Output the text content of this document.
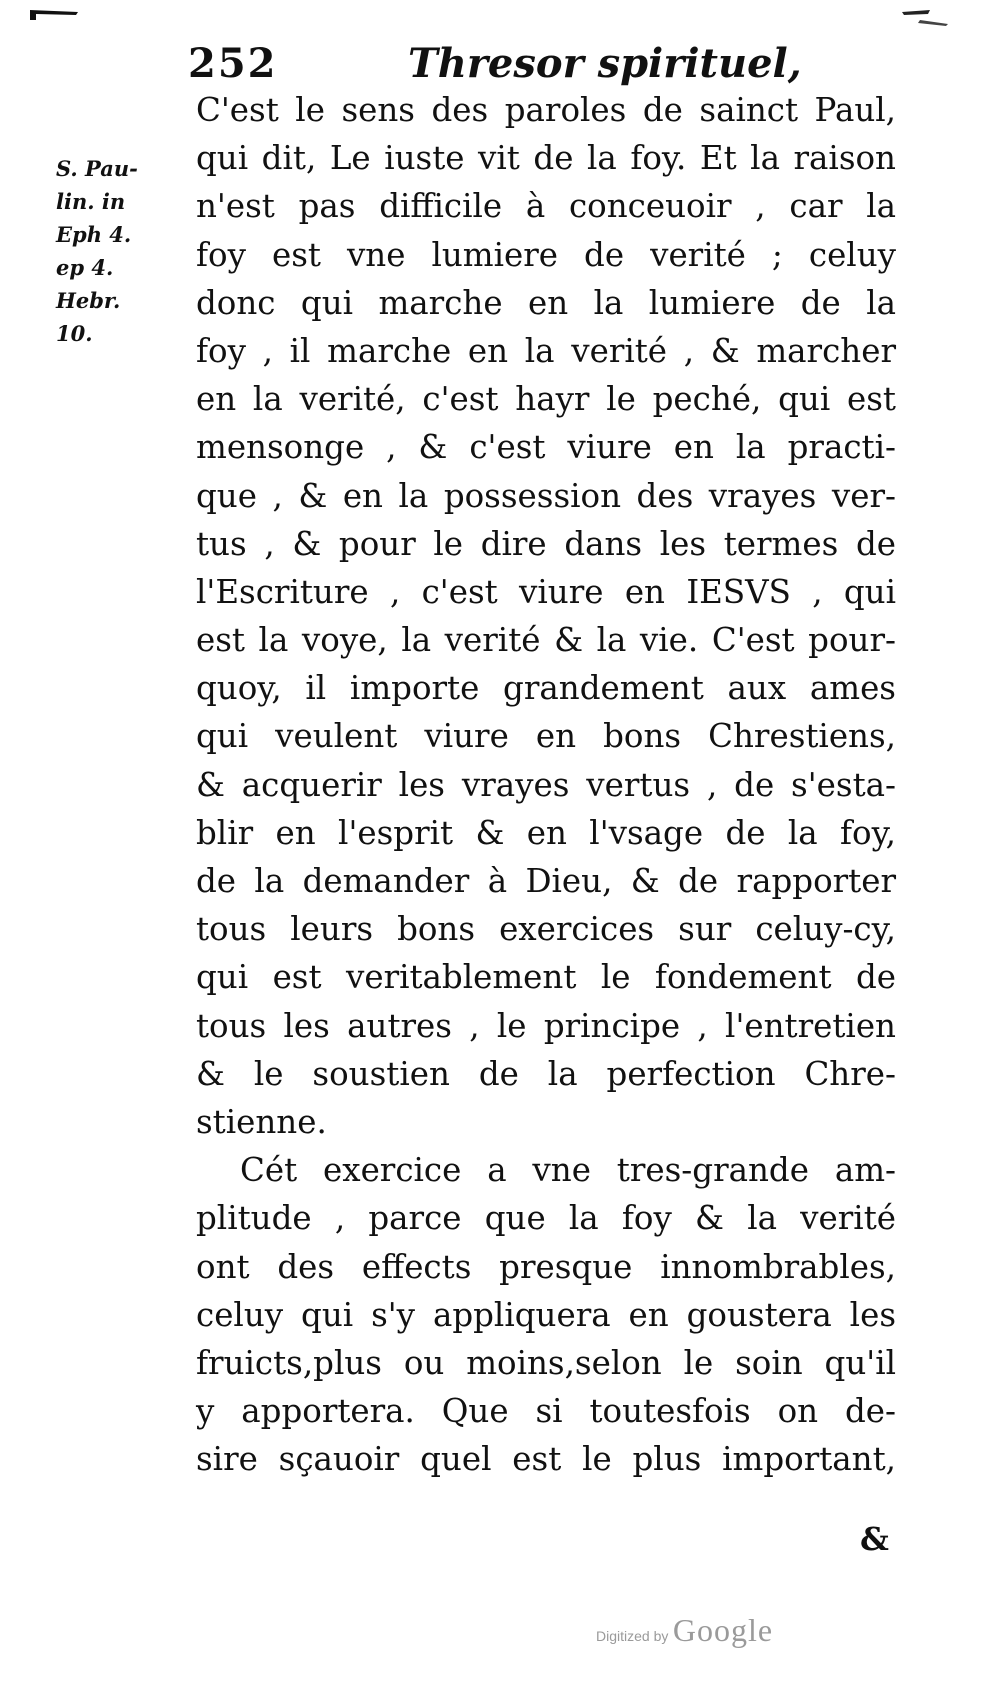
252	Thresor spirituel,
S. Pau-
lin. in
Eph 4.
ep 4.
Hebr.
10.
C'est le sens des paroles de sainct Paul,
qui dit, Le iuste vit de la foy. Et la raison
n'est pas difficile à conceuoir , car la
foy est vne lumiere de verité ; celuy
donc qui marche en la lumiere de la
foy , il marche en la verité , & marcher
en la verité, c'est hayr le peché, qui est
mensonge , & c'est viure en la practi-
que , & en la possession des vrayes ver-
tus , & pour le dire dans les termes de
l'Escriture , c'est viure en IESVS , qui
est la voye, la verité & la vie. C'est pour-
quoy, il importe grandement aux ames
qui veulent viure en bons Chrestiens,
& acquerir les vrayes vertus , de s'esta-
blir en l'esprit & en l'vsage de la foy,
de la demander à Dieu, & de rapporter
tous leurs bons exercices sur celuy-cy,
qui est veritablement le fondement de
tous les autres , le principe , l'entretien
& le soustien de la perfection Chre-
stienne.
Cét exercice a vne tres-grande am-
plitude , parce que la foy & la verité
ont des effects presque innombrables,
celuy qui s'y appliquera en goustera les
fruicts,plus ou moins,selon le soin qu'il
y apportera. Que si toutesfois on de-
sire sçauoir quel est le plus important,
&
Digitized by Google
